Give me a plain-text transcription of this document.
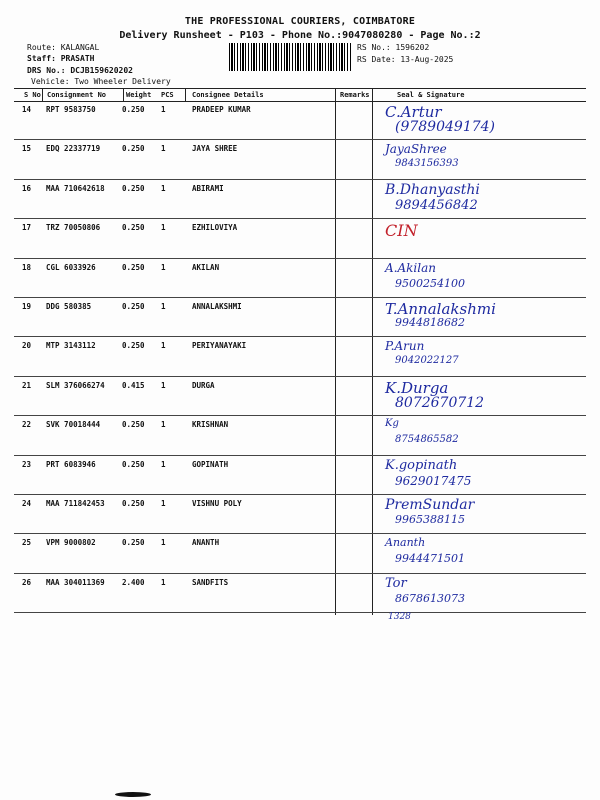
THE PROFESSIONAL COURIERS, COIMBATORE
Delivery Runsheet - P103 - Phone No.:9047080280 - Page No.:2
Route: KALANGAL
Staff: PRASATH
DRS No.: DCJB159620202
Vehicle: Two Wheeler Delivery
RS No.: 1596202
RS Date: 13-Aug-2025
S No Consignment No	Weight PCS	Consignee Details	Remarks	Seal & Signature
14 RPT 9583750	0.250 1	PRADEEP KUMAR	C.Artur
(9789049174)
15 EDQ 22337719	0.250 1	JAYA SHREE	JayaShree
9843156393
16 MAA 710642618 0.250 1	ABIRAMI	B.Dhanyasthi
9894456842
17 TRZ 70050806	0.250 1	EZHILOVIYA	CIN
18 CGL 6033926	0.250 1	AKILAN	A.Akilan
9500254100
19 DDG 580385	0.250 1	ANNALAKSHMI	T.Annalakshmi
9944818682
20 MTP 3143112	0.250 1	PERIYANAYAKI	P.Arun
9042022127
21 SLM 376066274 0.415 1	DURGA	K.Durga
8072670712
22 SVK 70018444	0.250 1	KRISHNAN	Kg
8754865582
23 PRT 6083946	0.250 1	GOPINATH	K.gopinath
9629017475
24 MAA 711842453 0.250 1	VISHNU POLY	PremSundar
9965388115
25 VPM 9000802	0.250 1	ANANTH	Ananth
9944471501
26 MAA 304011369 2.400 1	SANDFITS	Tor
8678613073
1328
